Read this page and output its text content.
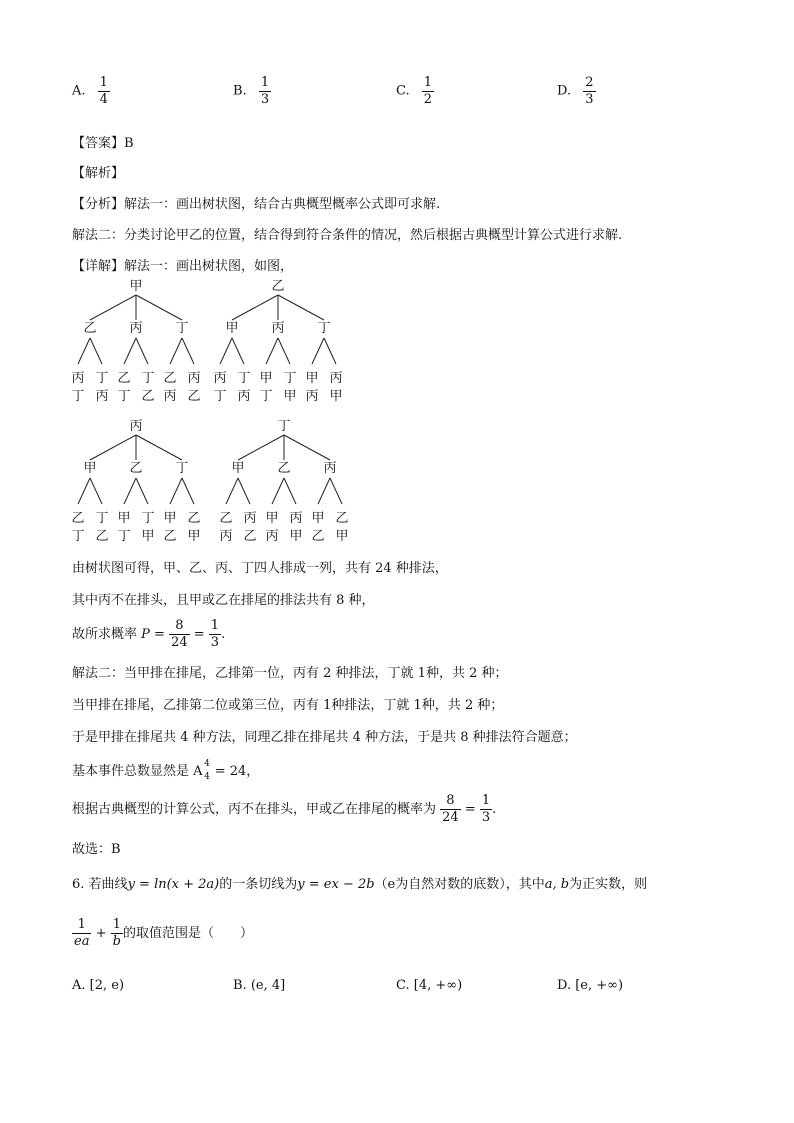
A. $\frac{1}{4}$	B. $\frac{1}{3}$	C. $\frac{1}{2}$	D. $\frac{2}{3}$
【答案】B
【解析】
【分析】解法一：画出树状图，结合古典概型概率公式即可求解.
解法二：分类讨论甲乙的位置，结合得到符合条件的情况，然后根据古典概型计算公式进行求解.
【详解】解法一：画出树状图，如图，
甲
乙
丙
丁
丁
丙
丙
乙
丁
丁
乙
丁
乙
丙
丙
乙
乙
甲
丙
丁
丁
丙
丙
甲
丁
丁
甲
丁
甲
丙
丙
甲
丙
甲
乙
丁
丁
乙
乙
甲
丁
丁
甲
丁
甲
乙
乙
甲
丁
甲
乙
丙
丙
乙
乙
甲
丙
丙
甲
丙
甲
乙
乙
甲
由树状图可得，甲、乙、丙、丁四人排成一列，共有 24 种排法，
其中丙不在排头，且甲或乙在排尾的排法共有 8 种，
故所求概率 $P = \frac{8}{24} = \frac{1}{3}$ .
解法二：当甲排在排尾，乙排第一位，丙有 2 种排法，丁就 1种，共 2 种；
当甲排在排尾，乙排第二位或第三位，丙有 1种排法，丁就 1种，共 2 种；
于是甲排在排尾共 4 种方法，同理乙排在排尾共 4 种方法，于是共 8 种排法符合题意；
基本事件总数显然是 A 4
4 = 24，
根据古典概型的计算公式，丙不在排头，甲或乙在排尾的概率为 $\frac{8}{24} = \frac{1}{3}$ .
故选：B
6. 若曲线y = ln(x + 2a)的一条切线为y = ex − 2b（e为自然对数的底数），其中a, b为正实数，则
$\frac{1}{ea} + \frac{1}{b}$ 的取值范围是（　　）
A. [2, e)	B. (e, 4]	C. [4, +∞)	D. [e, +∞)
